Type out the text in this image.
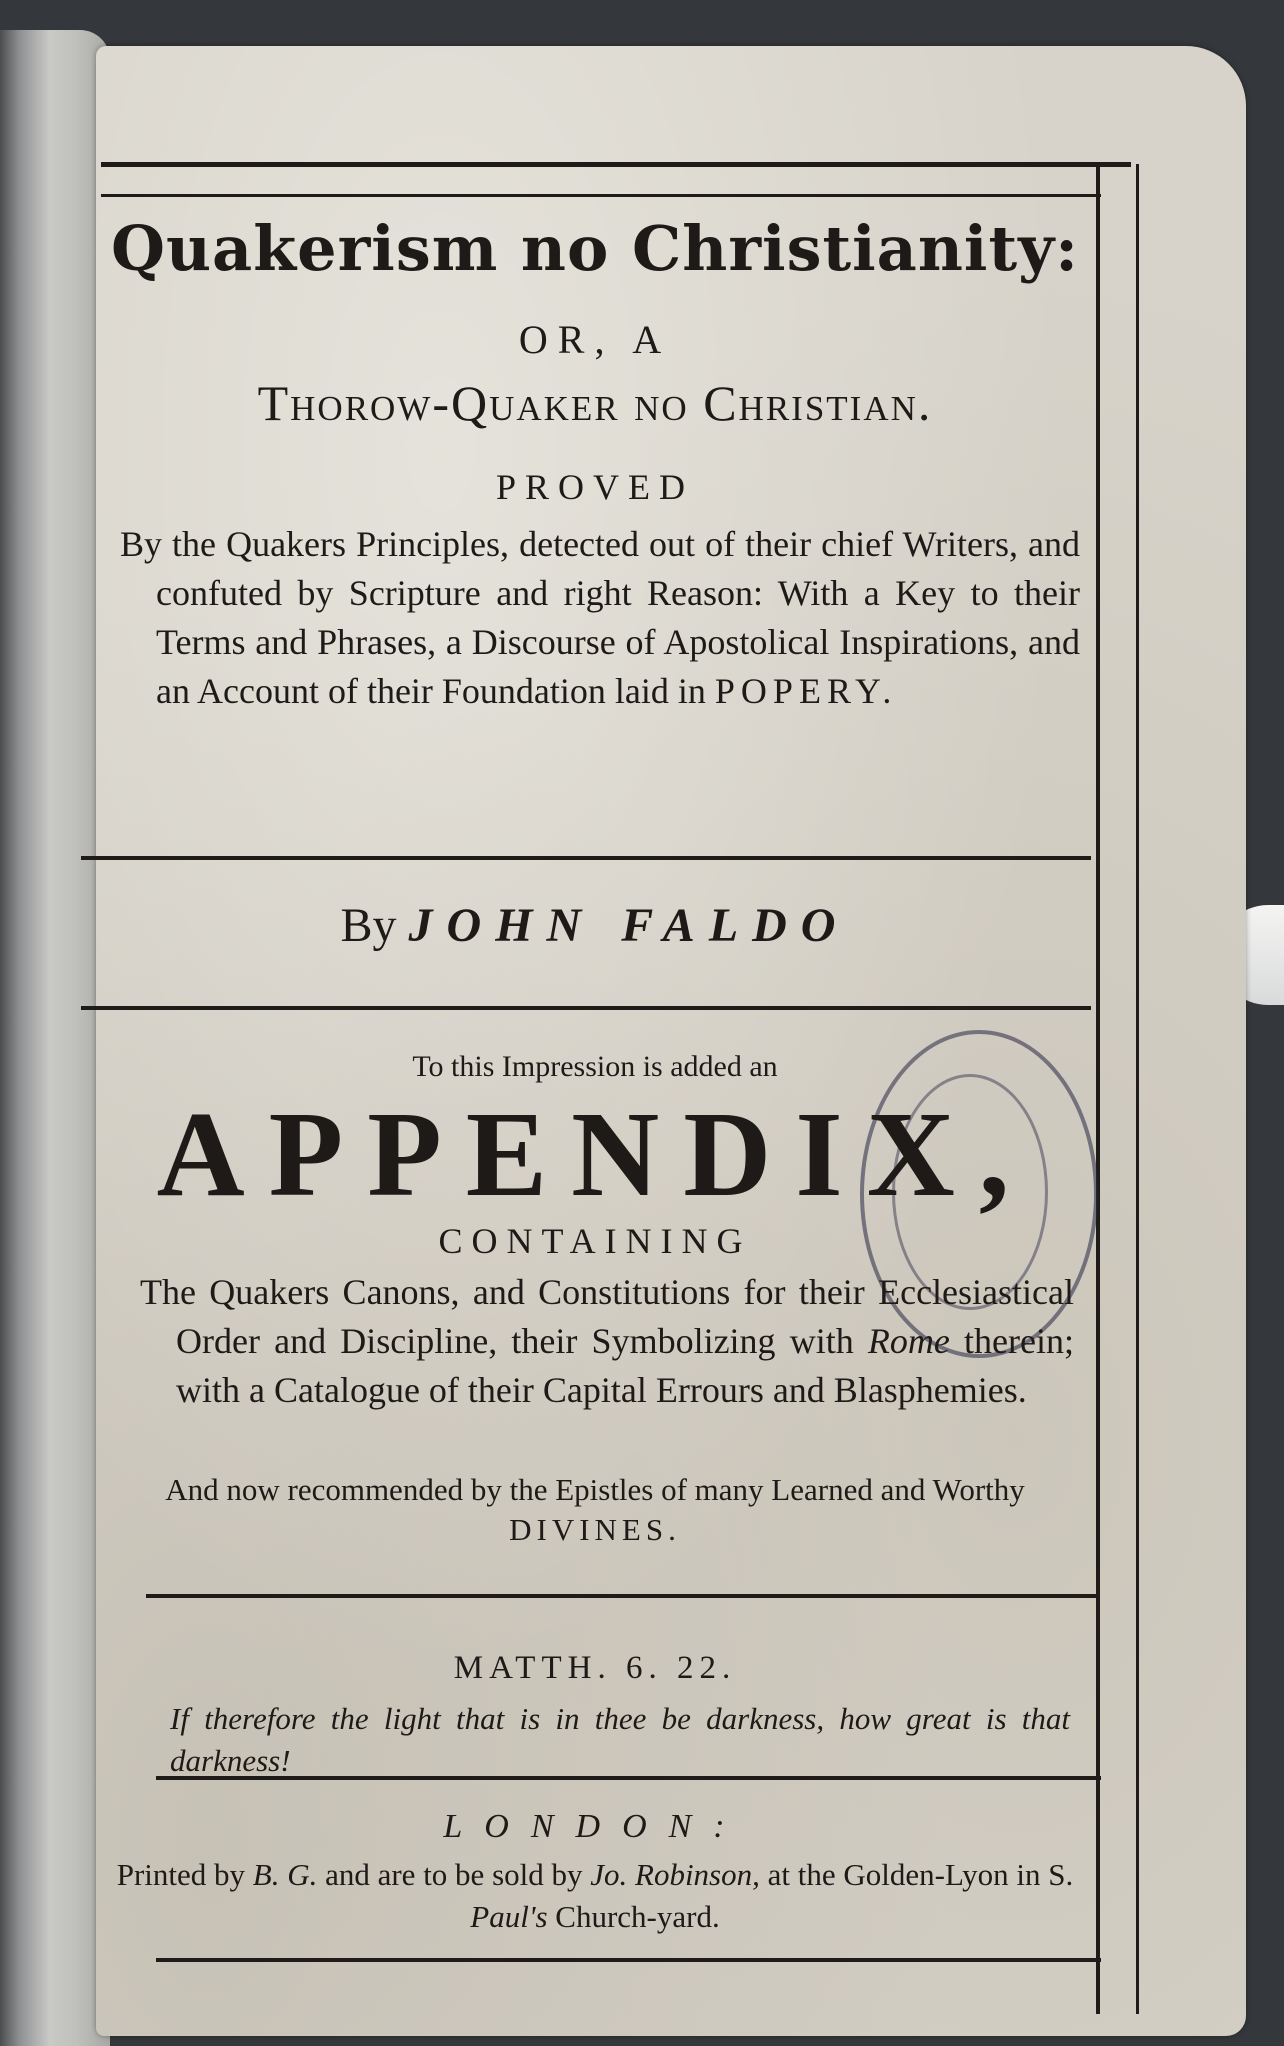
Quakerism no Christianity:
OR, A
Thorow-Quaker no Christian.
PROVED
By the Quakers Principles, detected out of their chief Writers, and confuted by Scripture and right Reason: With a Key to their Terms and Phrases, a Discourse of Apostolical Inspirations, and an Account of their Foundation laid in POPERY.
By JOHN FALDO
To this Impression is added an
APPENDIX,
CONTAINING
The Quakers Canons, and Constitutions for their Ecclesiastical Order and Discipline, their Symbolizing with Rome therein; with a Catalogue of their Capital Errours and Blasphemies.
And now recommended by the Epistles of many Learned and Worthy DIVINES.
MATTH. 6. 22.
If therefore the light that is in thee be darkness, how great is that darkness!
LONDON:
Printed by B. G. and are to be sold by Jo. Robinson, at the Golden-Lyon in S. Paul's Church-yard.
